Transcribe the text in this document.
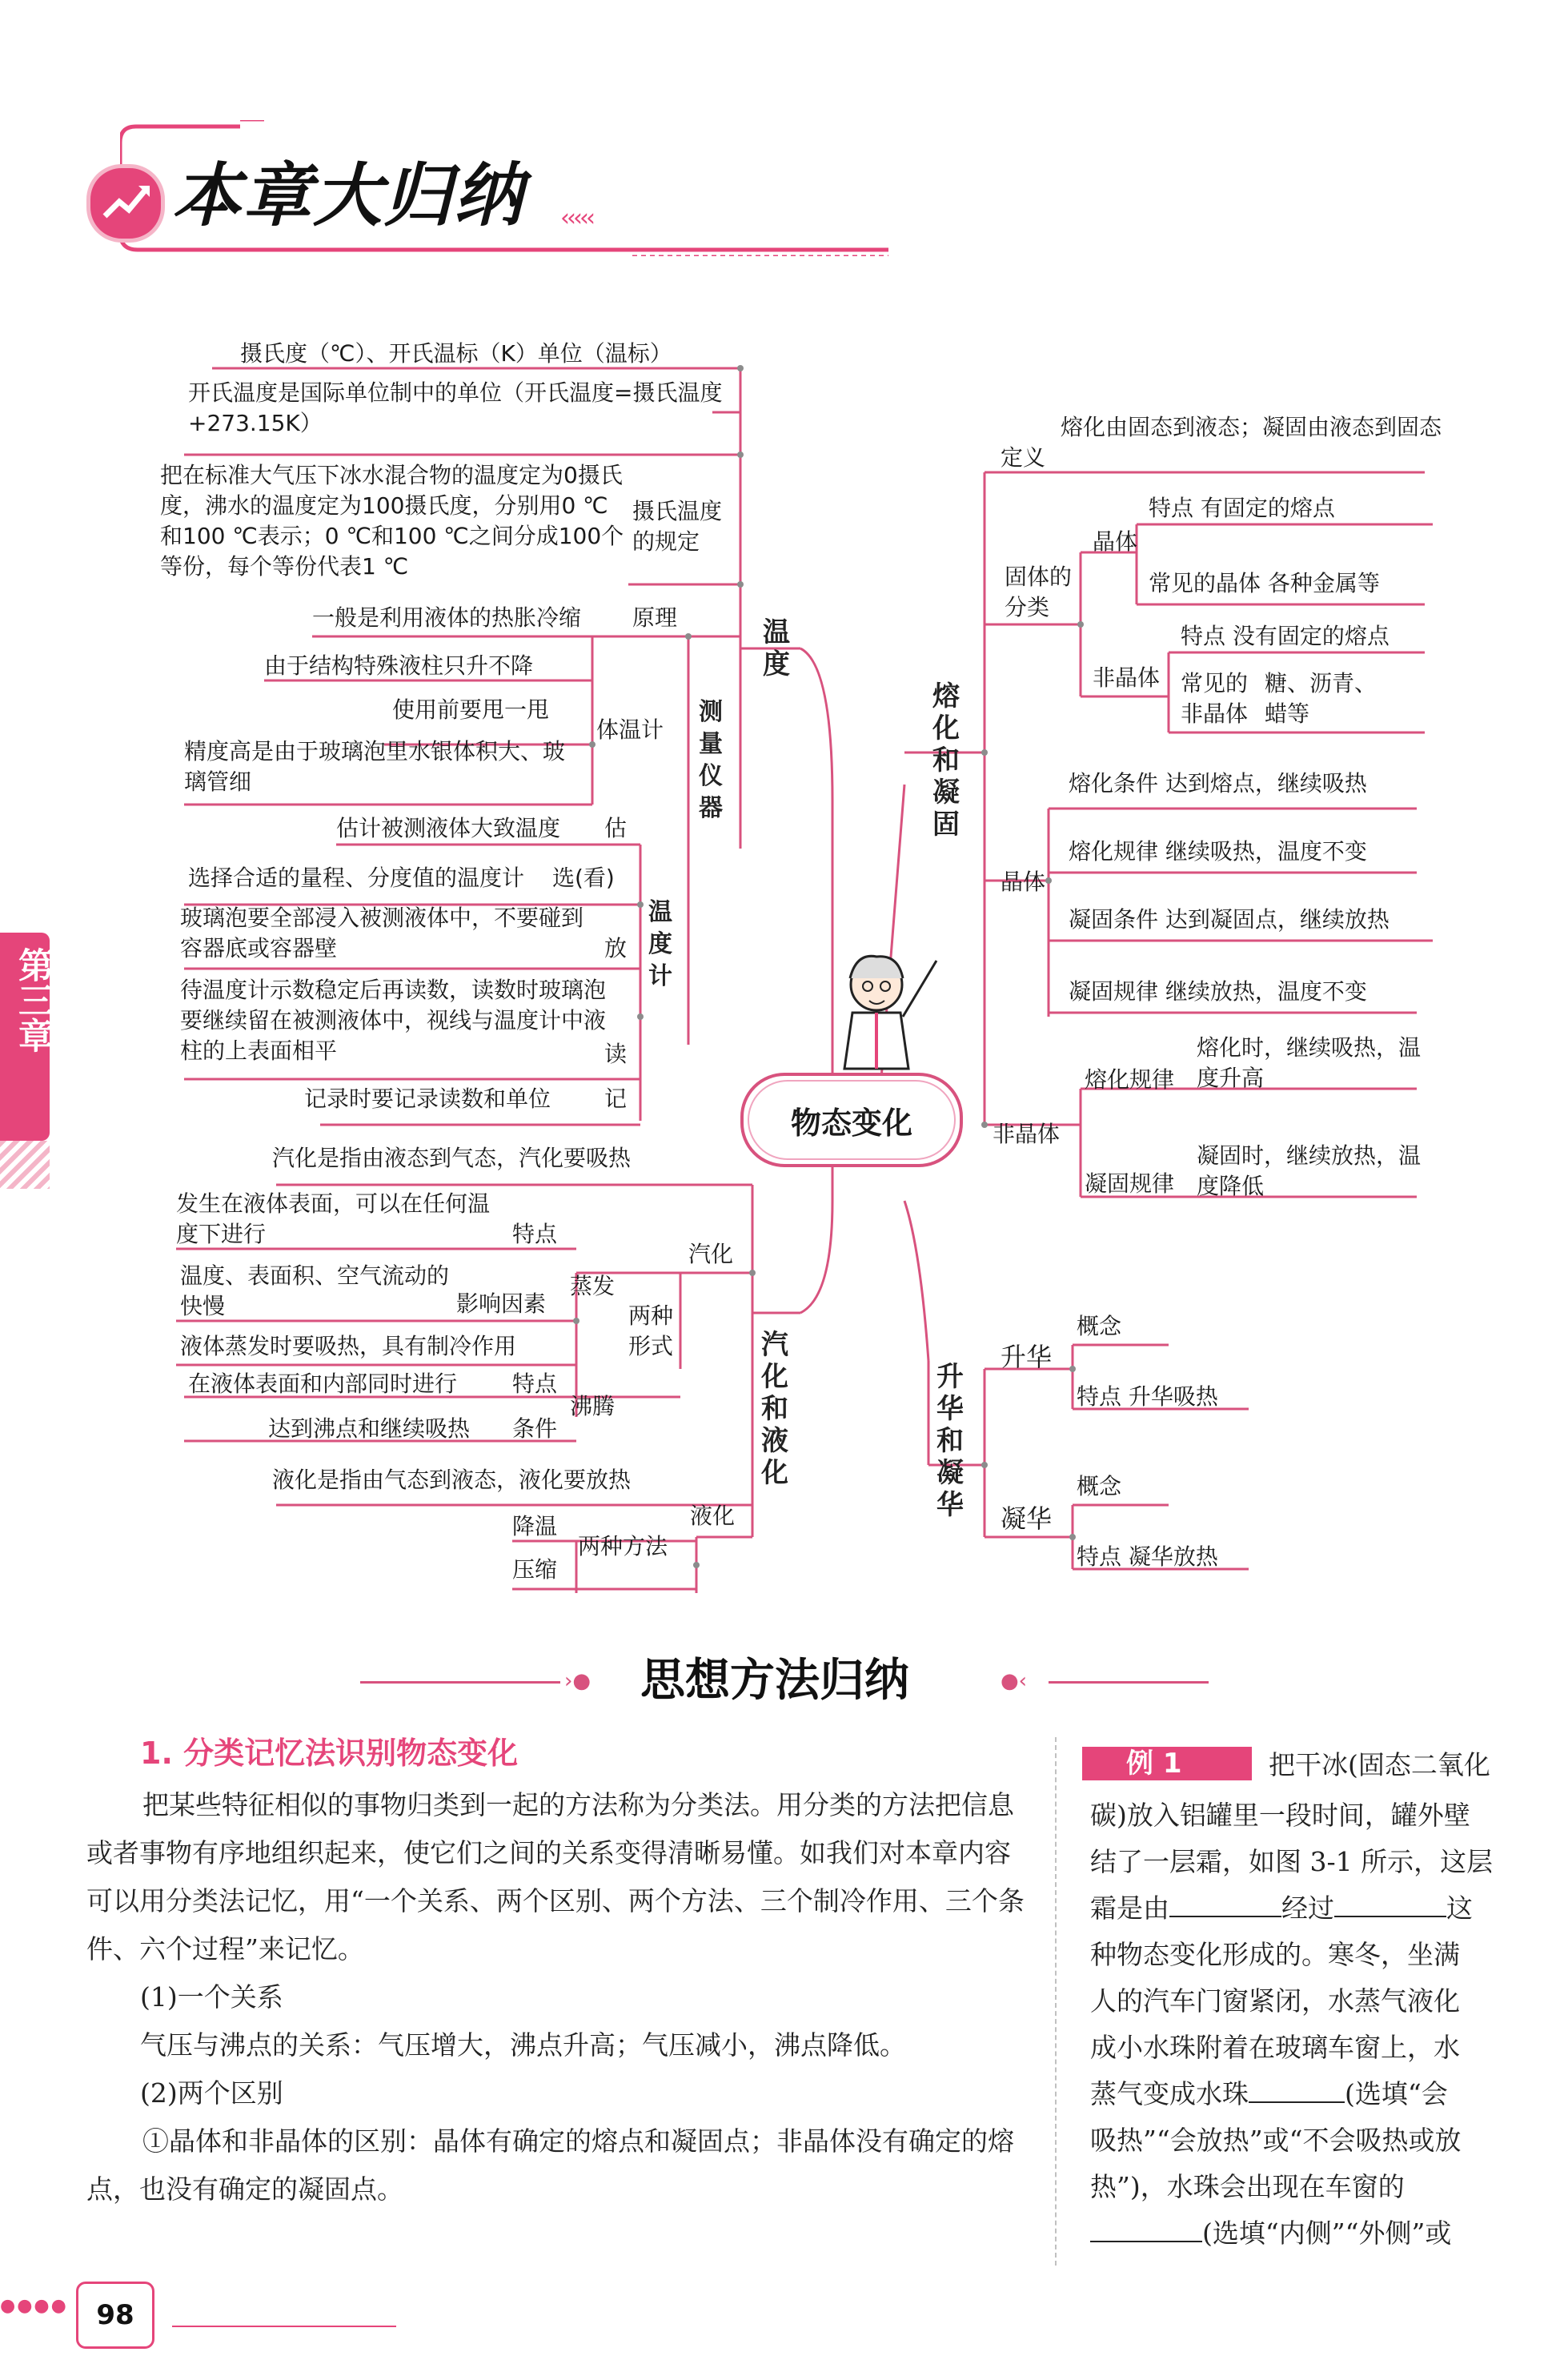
本章大归纳 ‹‹‹‹‹
第三章
物态变化
温度
摄氏度（℃）、开氏温标（K）单位（温标）
开氏温度是国际单位制中的单位（开氏温度=摄氏温度+273.15K）
把在标准大气压下冰水混合物的温度定为0摄氏度，沸水的温度定为100摄氏度，分别用0 ℃和100 ℃表示；0 ℃和100 ℃之间分成100个等份，每个等份代表1 ℃
摄氏温度的规定
一般是利用液体的热胀冷缩 原理
测量仪器
由于结构特殊液柱只升不降
使用前要甩一甩
体温计
精度高是由于玻璃泡里水银体积大、玻璃管细
估计被测液体大致温度 估
温度计
选择合适的量程、分度值的温度计 选(看)
玻璃泡要全部浸入被测液体中，不要碰到容器底或容器壁	放
待温度计示数稳定后再读数，读数时玻璃泡要继续留在被测液体中，视线与温度计中液柱的上表面相平	读
记录时要记录读数和单位 记
汽化和液化
汽化是指由液态到气态，汽化要吸热
汽化
发生在液体表面，可以在任何温度下进行	特点
温度、表面积、空气流动的快慢	影响因素
蒸发
两种形式
液体蒸发时要吸热，具有制冷作用
在液体表面和内部同时进行 特点
沸腾
达到沸点和继续吸热 条件
液化是指由气态到液态，液化要放热
液化
两种方法
降温
压缩
熔化和凝固
定义
熔化由固态到液态；凝固由液态到固态
固体的分类
晶体
特点 有固定的熔点
常见的晶体 各种金属等
非晶体
特点 没有固定的熔点
常见的非晶体
糖、沥青、蜡等
晶体
熔化条件 达到熔点，继续吸热
熔化规律 继续吸热，温度不变
凝固条件 达到凝固点，继续放热
凝固规律 继续放热，温度不变
非晶体
熔化规律
熔化时，继续吸热，温度升高
凝固规律
凝固时，继续放热，温度降低
升华和凝华
升华
概念
特点 升华吸热
凝华
概念
特点 凝华放热
›● 思想方法归纳	●‹
1. 分类记忆法识别物态变化
把某些特征相似的事物归类到一起的方法称为分类法。用分类的方法把信息或者事物有序地组织起来，使它们之间的关系变得清晰易懂。如我们对本章内容可以用分类法记忆，用“一个关系、两个区别、两个方法、三个制冷作用、三个条件、六个过程”来记忆。
(1)一个关系
气压与沸点的关系：气压增大，沸点升高；气压减小，沸点降低。
(2)两个区别
①晶体和非晶体的区别：晶体有确定的熔点和凝固点；非晶体没有确定的熔点，也没有确定的凝固点。
例 1	把干冰(固态二氧化
碳)放入铝罐里一段时间，罐外壁
结了一层霜，如图 3-1 所示，这层
霜是由	经过	这
种物态变化形成的。寒冬，坐满
人的汽车门窗紧闭，水蒸气液化
成小水珠附着在玻璃车窗上，水
蒸气变成水珠	(选填“会
吸热”“会放热”或“不会吸热或放
热”)，水珠会出现在车窗的
(选填“内侧”“外侧”或
●●●●	98
